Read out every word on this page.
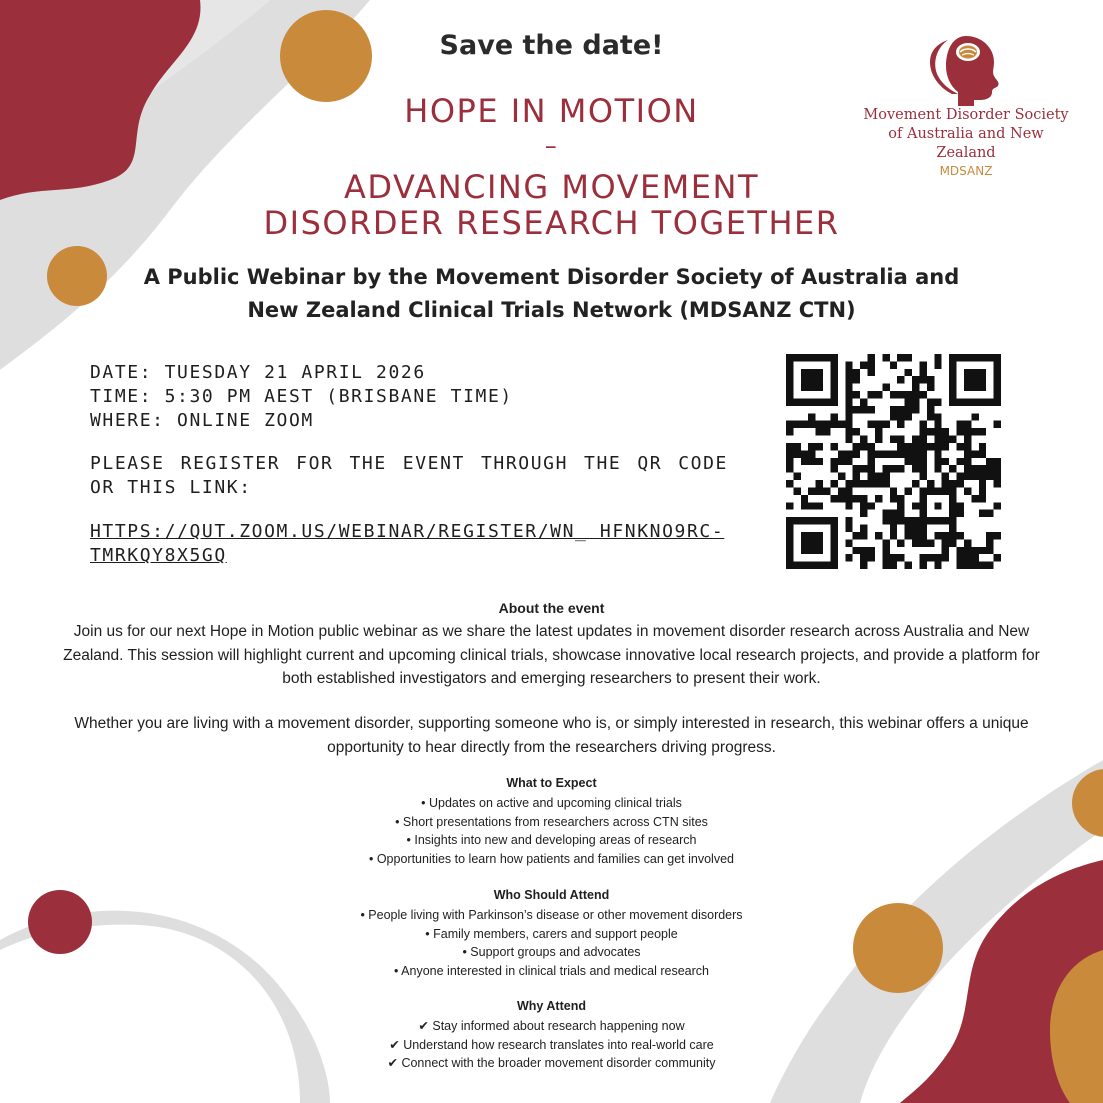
Movement Disorder Society
of Australia and New Zealand
MDSANZ
Save the date!
HOPE IN MOTION
–
ADVANCING MOVEMENT
DISORDER RESEARCH TOGETHER
A Public Webinar by the Movement Disorder Society of Australia and
New Zealand Clinical Trials Network (MDSANZ CTN)
DATE: TUESDAY 21 APRIL 2026
TIME: 5:30 PM AEST (BRISBANE TIME)
WHERE: ONLINE ZOOM
PLEASE REGISTER FOR THE EVENT THROUGH THE QR CODE OR THIS LINK:
HTTPS://QUT.ZOOM.US/WEBINAR/REGISTER/WN_ HFNKNO9RC-TMRKQY8X5GQ
About the event
Join us for our next Hope in Motion public webinar as we share the latest updates in movement disorder research across Australia and New Zealand. This session will highlight current and upcoming clinical trials, showcase innovative local research projects, and provide a platform for both established investigators and emerging researchers to present their work.
Whether you are living with a movement disorder, supporting someone who is, or simply interested in research, this webinar offers a unique opportunity to hear directly from the researchers driving progress.
What to Expect
• Updates on active and upcoming clinical trials
• Short presentations from researchers across CTN sites
• Insights into new and developing areas of research
• Opportunities to learn how patients and families can get involved
Who Should Attend
• People living with Parkinson’s disease or other movement disorders
• Family members, carers and support people
• Support groups and advocates
• Anyone interested in clinical trials and medical research
Why Attend
✔ Stay informed about research happening now
✔ Understand how research translates into real-world care
✔ Connect with the broader movement disorder community
